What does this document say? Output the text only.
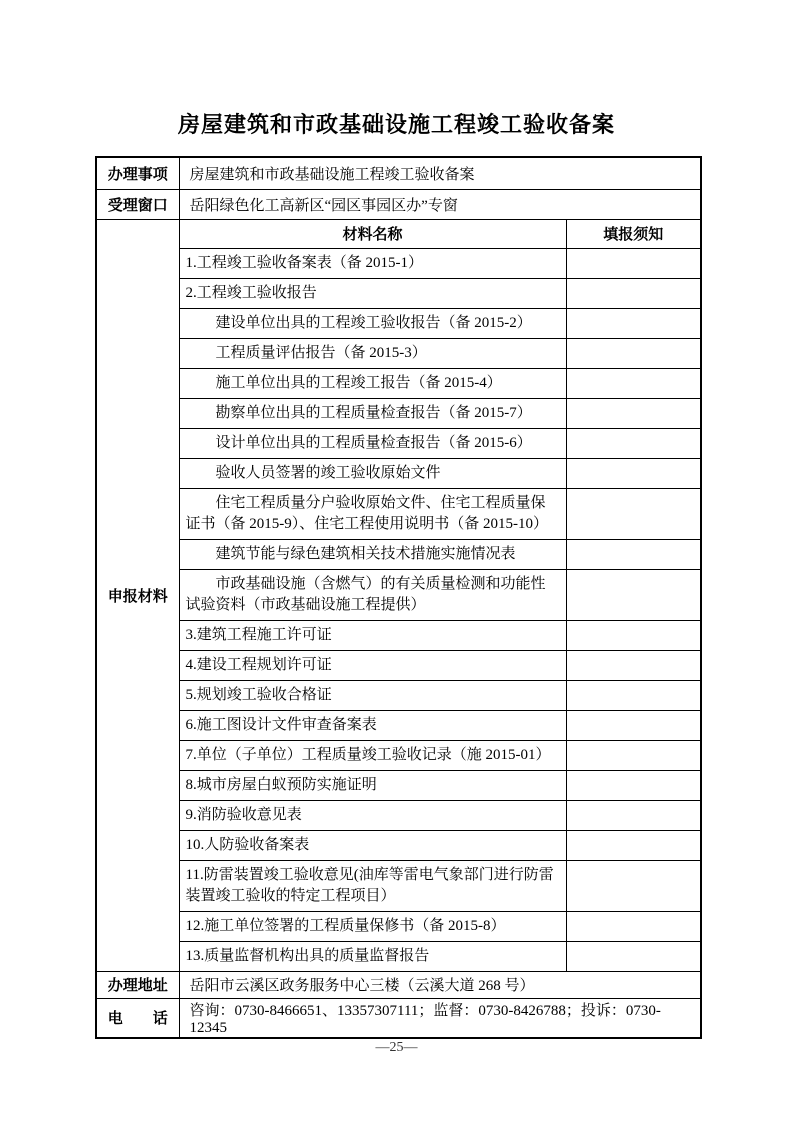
房屋建筑和市政基础设施工程竣工验收备案
办理事项	房屋建筑和市政基础设施工程竣工验收备案	
受理窗口	岳阳绿色化工高新区“园区事园区办”专窗	
申报材料	材料名称	填报须知
	1.工程竣工验收备案表（备 2015-1）	
	2.工程竣工验收报告	
	建设单位出具的工程竣工验收报告（备 2015-2）	
	工程质量评估报告（备 2015-3）	
	施工单位出具的工程竣工报告（备 2015-4）	
	勘察单位出具的工程质量检查报告（备 2015-7）	
	设计单位出具的工程质量检查报告（备 2015-6）	
	验收人员签署的竣工验收原始文件	
	住宅工程质量分户验收原始文件、住宅工程质量保证书（备 2015-9）、住宅工程使用说明书（备 2015-10）	
	建筑节能与绿色建筑相关技术措施实施情况表	
	市政基础设施（含燃气）的有关质量检测和功能性试验资料（市政基础设施工程提供）	
	3.建筑工程施工许可证	
	4.建设工程规划许可证	
	5.规划竣工验收合格证	
	6.施工图设计文件审查备案表	
	7.单位（子单位）工程质量竣工验收记录（施 2015-01）	
	8.城市房屋白蚁预防实施证明	
	9.消防验收意见表	
	10.人防验收备案表	
	11.防雷装置竣工验收意见(油库等雷电气象部门进行防雷装置竣工验收的特定工程项目）	
	12.施工单位签署的工程质量保修书（备 2015-8）	
	13.质量监督机构出具的质量监督报告	
办理地址	岳阳市云溪区政务服务中心三楼（云溪大道 268 号）	
电　　话	咨询：0730-8466651、13357307111；监督：0730-8426788；投诉：0730-12345	
—25—
